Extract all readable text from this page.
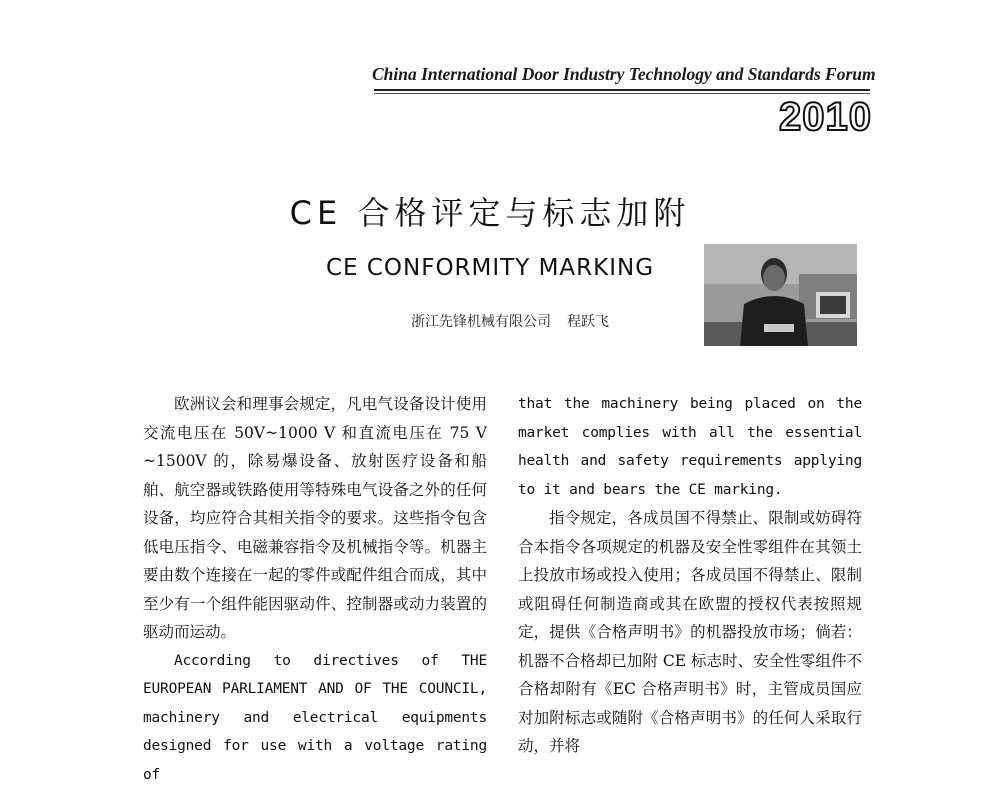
China International Door Industry Technology and Standards Forum
2010
CE 合格评定与标志加附
CE CONFORMITY MARKING
浙江先锋机械有限公司 程跃飞

欧洲议会和理事会规定，凡电气设备设计使用交流电压在 50V~1000 V 和直流电压在 75 V ~1500V 的，除易爆设备、放射医疗设备和船舶、航空器或铁路使用等特殊电气设备之外的任何设备，均应符合其相关指令的要求。这些指令包含低电压指令、电磁兼容指令及机械指令等。机器主要由数个连接在一起的零件或配件组合而成，其中至少有一个组件能因驱动件、控制器或动力装置的驱动而运动。

According to directives of THE EUROPEAN PARLIAMENT AND OF THE COUNCIL, machinery and electrical equipments designed for use with a voltage rating of

that the machinery being placed on the market complies with all the essential health and safety requirements applying to it and bears the CE marking.

指令规定，各成员国不得禁止、限制或妨碍符合本指令各项规定的机器及安全性零组件在其领土上投放市场或投入使用；各成员国不得禁止、限制或阻碍任何制造商或其在欧盟的授权代表按照规定，提供《合格声明书》的机器投放市场；倘若：机器不合格却已加附 CE 标志时、安全性零组件不合格却附有《EC 合格声明书》时，主管成员国应对加附标志或随附《合格声明书》的任何人采取行动，并将
